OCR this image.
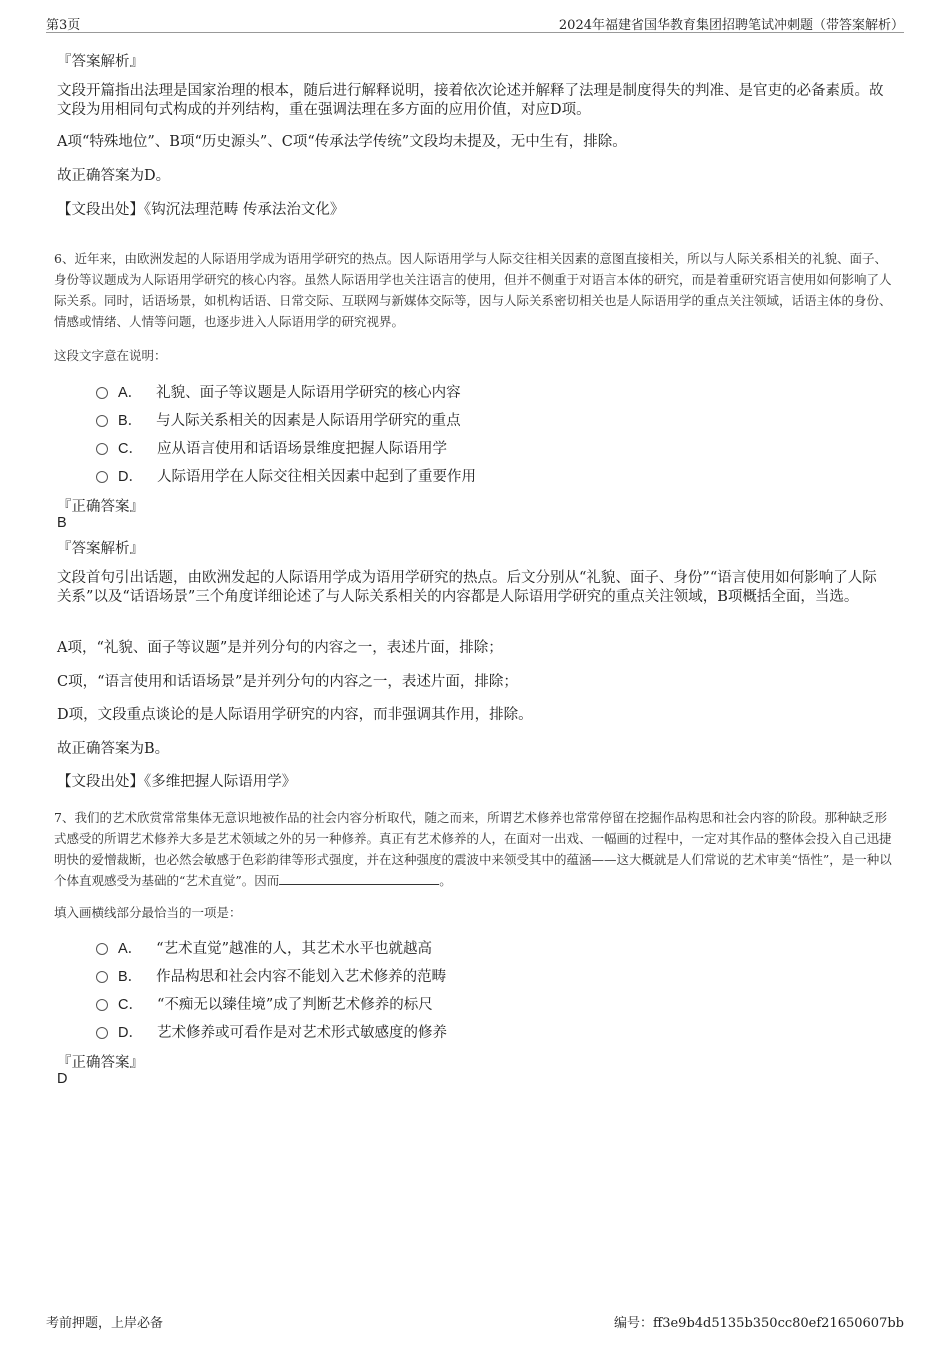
第3页	2024年福建省国华教育集团招聘笔试冲刺题（带答案解析）
『答案解析』
文段开篇指出法理是国家治理的根本，随后进行解释说明，接着依次论述并解释了法理是制度得失的判准、是官吏的必备素质。故文段为用相同句式构成的并列结构，重在强调法理在多方面的应用价值，对应D项。
A项“特殊地位”、B项“历史源头”、C项“传承法学传统”文段均未提及，无中生有，排除。
故正确答案为D。
【文段出处】《钩沉法理范畴 传承法治文化》
6、近年来，由欧洲发起的人际语用学成为语用学研究的热点。因人际语用学与人际交往相关因素的意图直接相关，所以与人际关系相关的礼貌、面子、身份等议题成为人际语用学研究的核心内容。虽然人际语用学也关注语言的使用，但并不侧重于对语言本体的研究，而是着重研究语言使用如何影响了人际关系。同时，话语场景，如机构话语、日常交际、互联网与新媒体交际等，因与人际关系密切相关也是人际语用学的重点关注领域，话语主体的身份、情感或情绪、人情等问题，也逐步进入人际语用学的研究视界。
这段文字意在说明：
A． 礼貌、面子等议题是人际语用学研究的核心内容
B． 与人际关系相关的因素是人际语用学研究的重点
C． 应从语言使用和话语场景维度把握人际语用学
D． 人际语用学在人际交往相关因素中起到了重要作用
『正确答案』
B
『答案解析』
文段首句引出话题，由欧洲发起的人际语用学成为语用学研究的热点。后文分别从“礼貌、面子、身份”“语言使用如何影响了人际关系”以及“话语场景”三个角度详细论述了与人际关系相关的内容都是人际语用学研究的重点关注领域，B项概括全面，当选。
A项，“礼貌、面子等议题”是并列分句的内容之一，表述片面，排除；
C项，“语言使用和话语场景”是并列分句的内容之一，表述片面，排除；
D项，文段重点谈论的是人际语用学研究的内容，而非强调其作用，排除。
故正确答案为B。
【文段出处】《多维把握人际语用学》
7、我们的艺术欣赏常常集体无意识地被作品的社会内容分析取代，随之而来，所谓艺术修养也常常停留在挖掘作品构思和社会内容的阶段。那种缺乏形式感受的所谓艺术修养大多是艺术领域之外的另一种修养。真正有艺术修养的人，在面对一出戏、一幅画的过程中，一定对其作品的整体会投入自己迅捷明快的爱憎裁断，也必然会敏感于色彩韵律等形式强度，并在这种强度的震波中来领受其中的蕴涵——这大概就是人们常说的艺术审美“悟性”，是一种以个体直观感受为基础的“艺术直觉”。因而	。
填入画横线部分最恰当的一项是：
A． “艺术直觉”越准的人，其艺术水平也就越高
B． 作品构思和社会内容不能划入艺术修养的范畴
C． “不痴无以臻佳境”成了判断艺术修养的标尺
D． 艺术修养或可看作是对艺术形式敏感度的修养
『正确答案』
D
考前押题，上岸必备	编号：ff3e9b4d5135b350cc80ef21650607bb
